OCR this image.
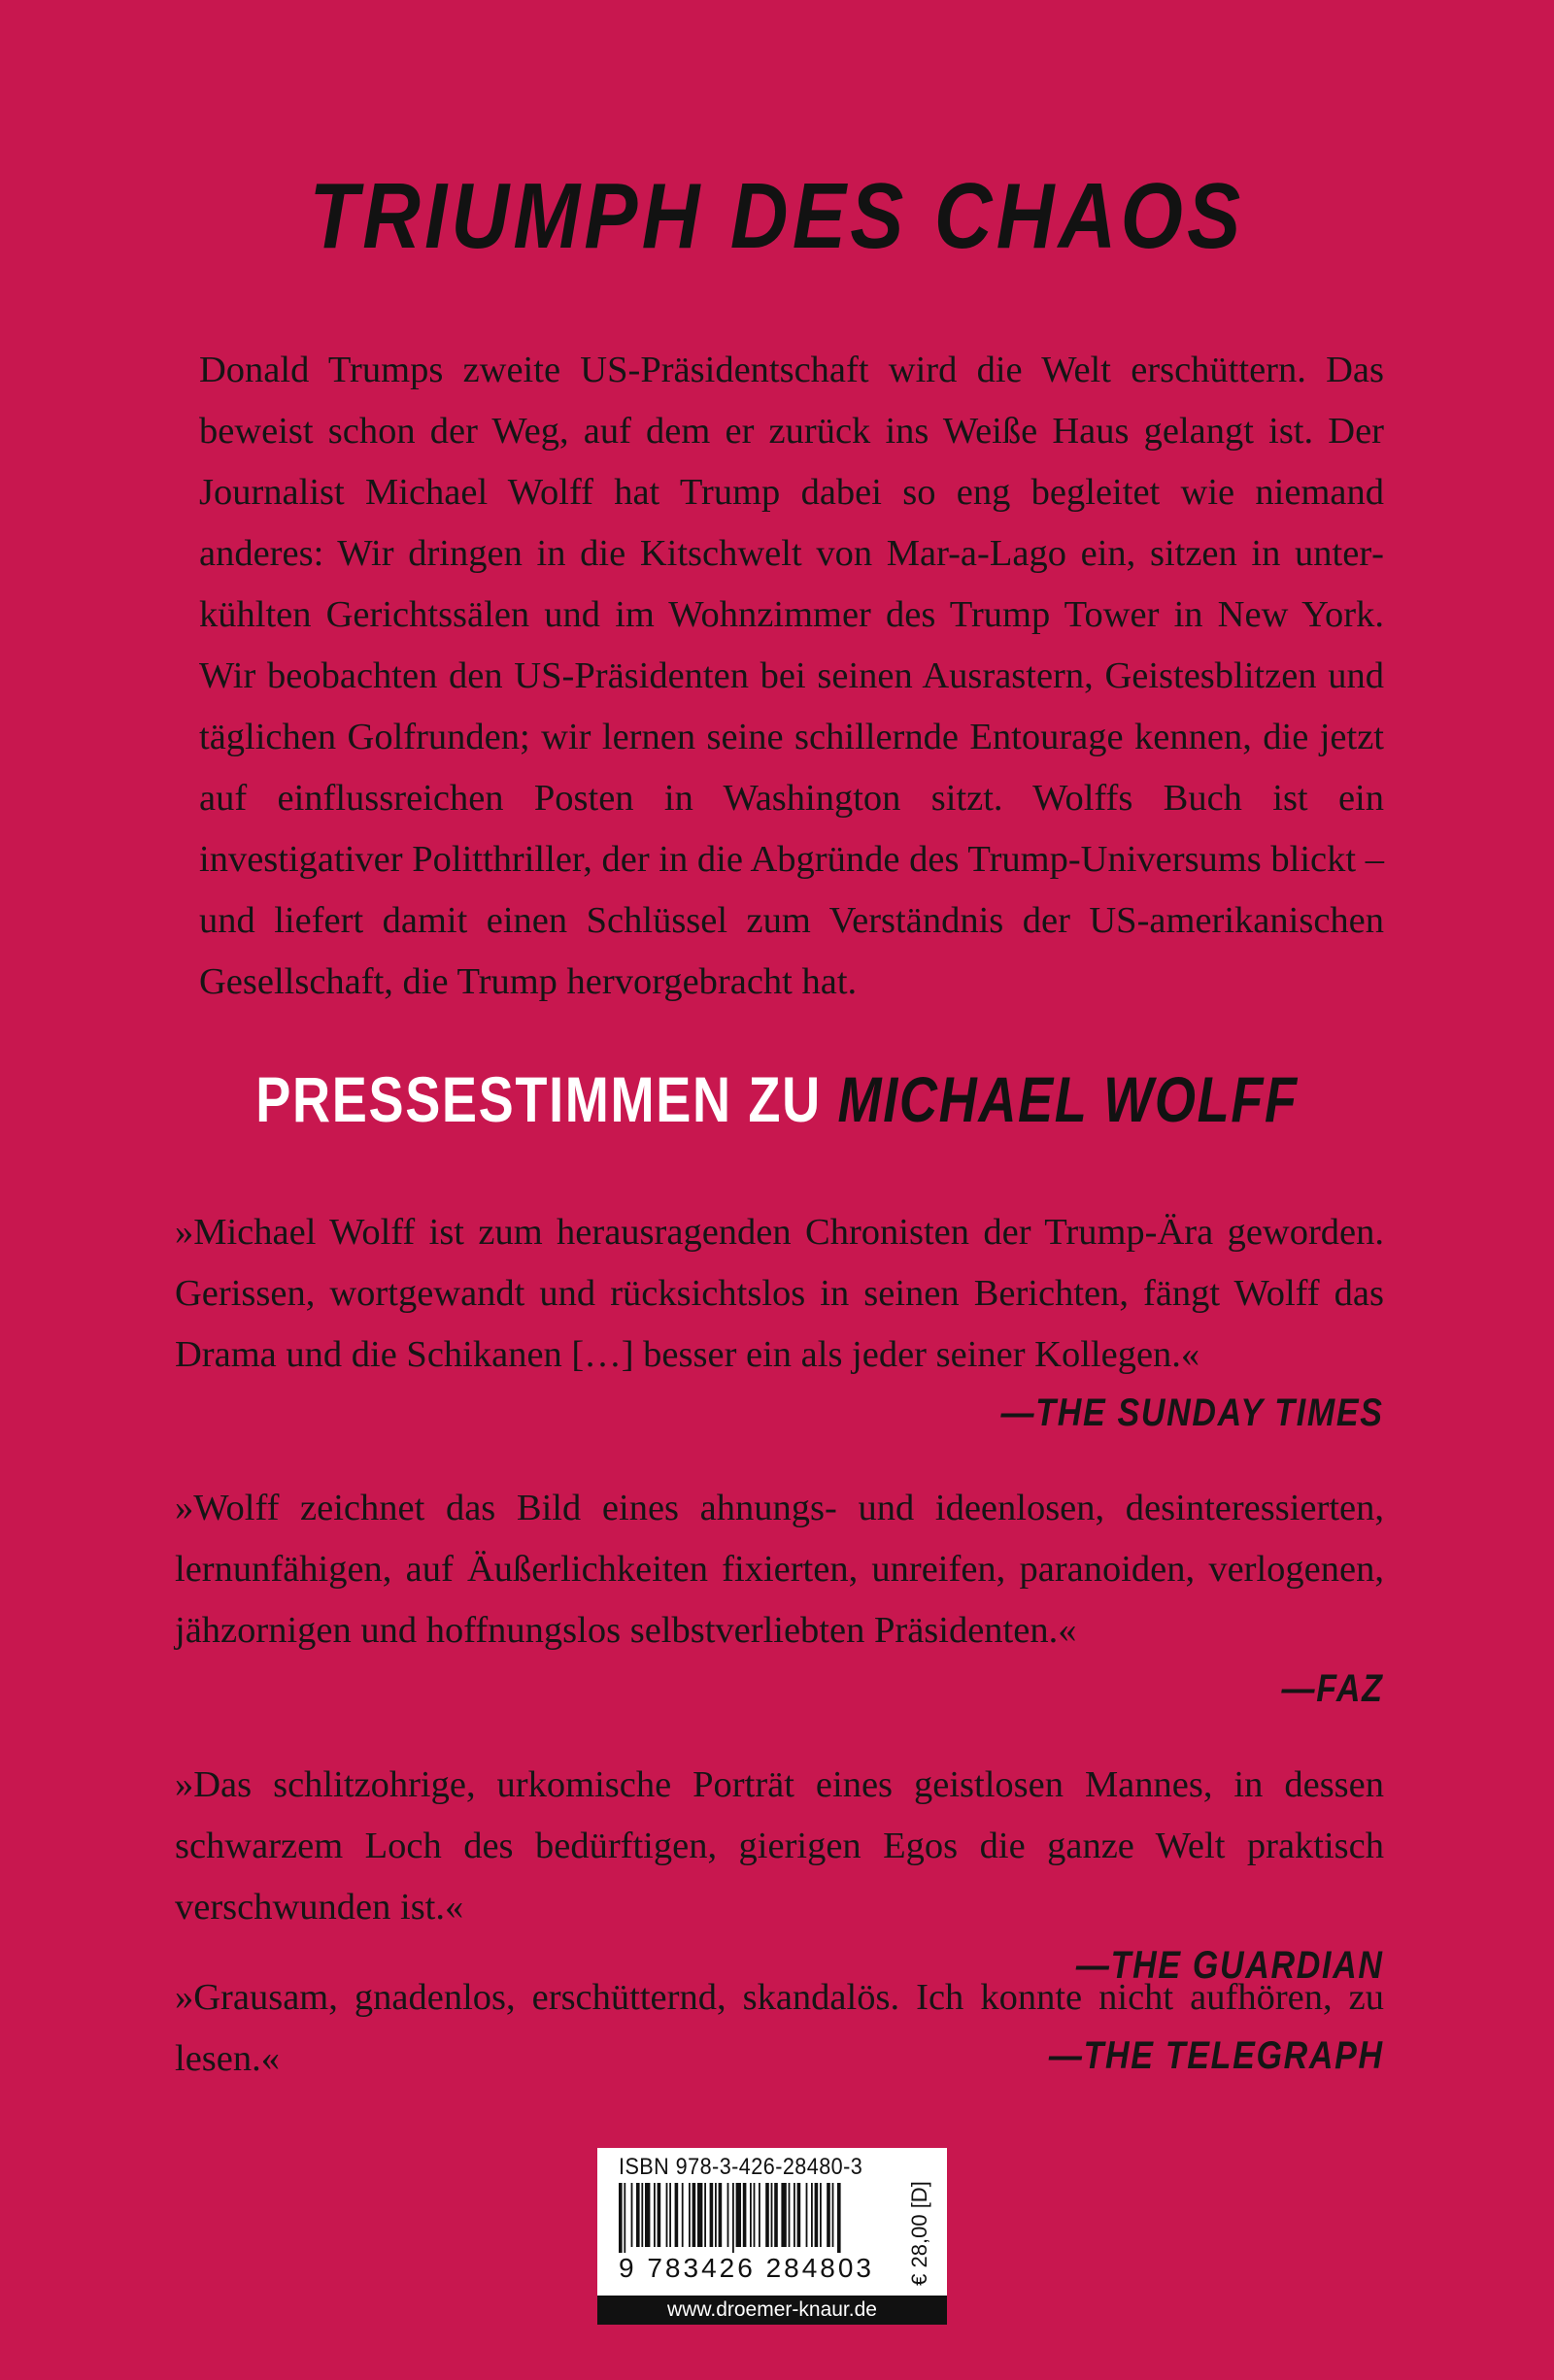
TRIUMPH DES CHAOS

Donald Trumps zweite US-Präsidentschaft wird die Welt erschüttern. Das beweist schon der Weg, auf dem er zurück ins Weiße Haus gelangt ist. Der Journalist Michael Wolff hat Trump dabei so eng begleitet wie niemand anderes: Wir dringen in die Kitschwelt von Mar-a-Lago ein, sitzen in unterkühlten Gerichtssälen und im Wohnzimmer des Trump Tower in New York. Wir beobachten den US-Präsidenten bei seinen Ausrastern, Geistesblitzen und täglichen Golfrunden; wir lernen seine schillernde Entourage kennen, die jetzt auf einflussreichen Posten in Washington sitzt. Wolffs Buch ist ein investigativer Politthriller, der in die Abgründe des Trump-Universums blickt – und liefert damit einen Schlüssel zum Verständnis der US-amerikanischen Gesellschaft, die Trump hervorgebracht hat.

PRESSESTIMMEN ZU MICHAEL WOLFF

»Michael Wolff ist zum herausragenden Chronisten der Trump-Ära geworden. Gerissen, wortgewandt und rücksichtslos in seinen Berichten, fängt Wolff das Drama und die Schikanen […] besser ein als jeder seiner Kollegen.«

—THE SUNDAY TIMES

»Wolff zeichnet das Bild eines ahnungs- und ideenlosen, desinteressierten, lernunfähigen, auf Äußerlichkeiten fixierten, unreifen, paranoiden, verlogenen, jähzornigen und hoffnungslos selbstverliebten Präsidenten.«

—FAZ

»Das schlitzohrige, urkomische Porträt eines geistlosen Mannes, in dessen schwarzem Loch des bedürftigen, gierigen Egos die ganze Welt praktisch verschwunden ist.«

—THE GUARDIAN

»Grausam, gnadenlos, erschütternd, skandalös. Ich konnte nicht aufhören, zu lesen.«	—THE TELEGRAPH

ISBN 978-3-426-28480-3
9 783426 284803	€ 28,00 [D]
www.droemer-knaur.de
